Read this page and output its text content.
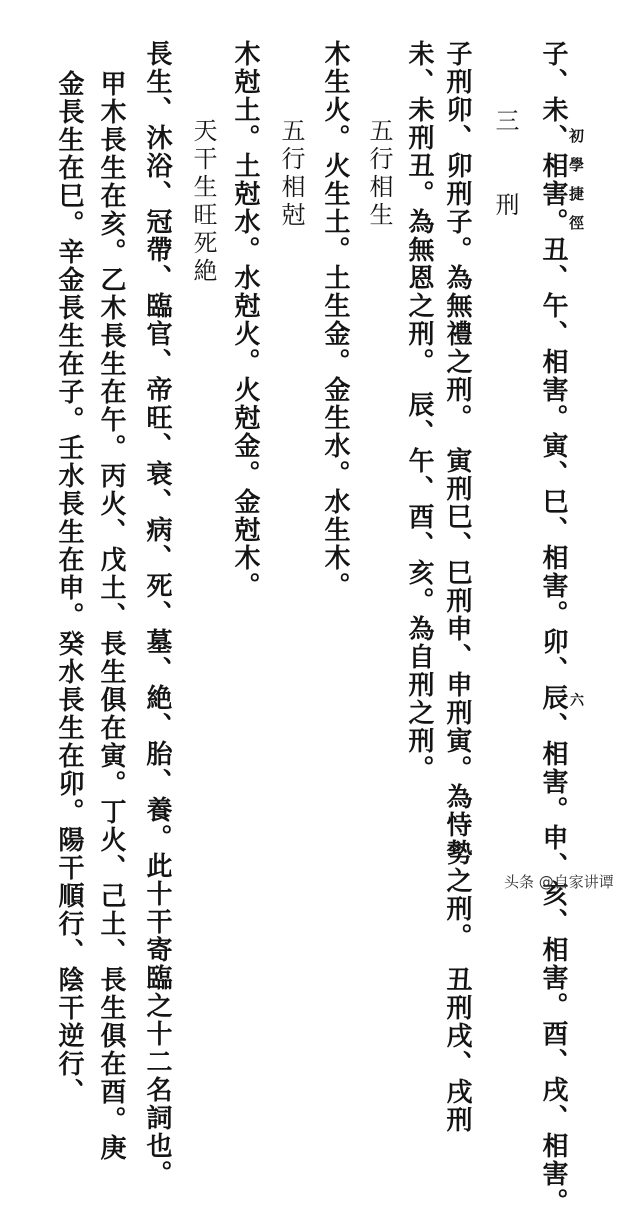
初學捷徑
六
子、未、相害。丑、午、相害。寅、巳、相害。卯、辰、相害。申、亥、相害。酉、戌、相害。
三　　刑
子刑卯、卯刑子。為無禮之刑。　寅刑巳、巳刑申、申刑寅。為恃勢之刑。　丑刑戌、戌刑
未、未刑丑。為無恩之刑。　辰、午、酉、亥。為自刑之刑。
五行相生
木生火。火生土。土生金。金生水。水生木。
五行相尅
木尅土。土尅水。水尅火。火尅金。金尅木。
天干生旺死絶
長生、沐浴、冠帶、臨官、帝旺、衰、病、死、墓、絶、胎、養。此十干寄臨之十二名詞也。
甲木長生在亥。乙木長生在午。丙火、戊土、長生俱在寅。丁火、己土、長生俱在酉。庚
金長生在巳。辛金長生在子。壬水長生在申。癸水長生在卯。陽干順行、陰干逆行、	头条 @自家讲谭
